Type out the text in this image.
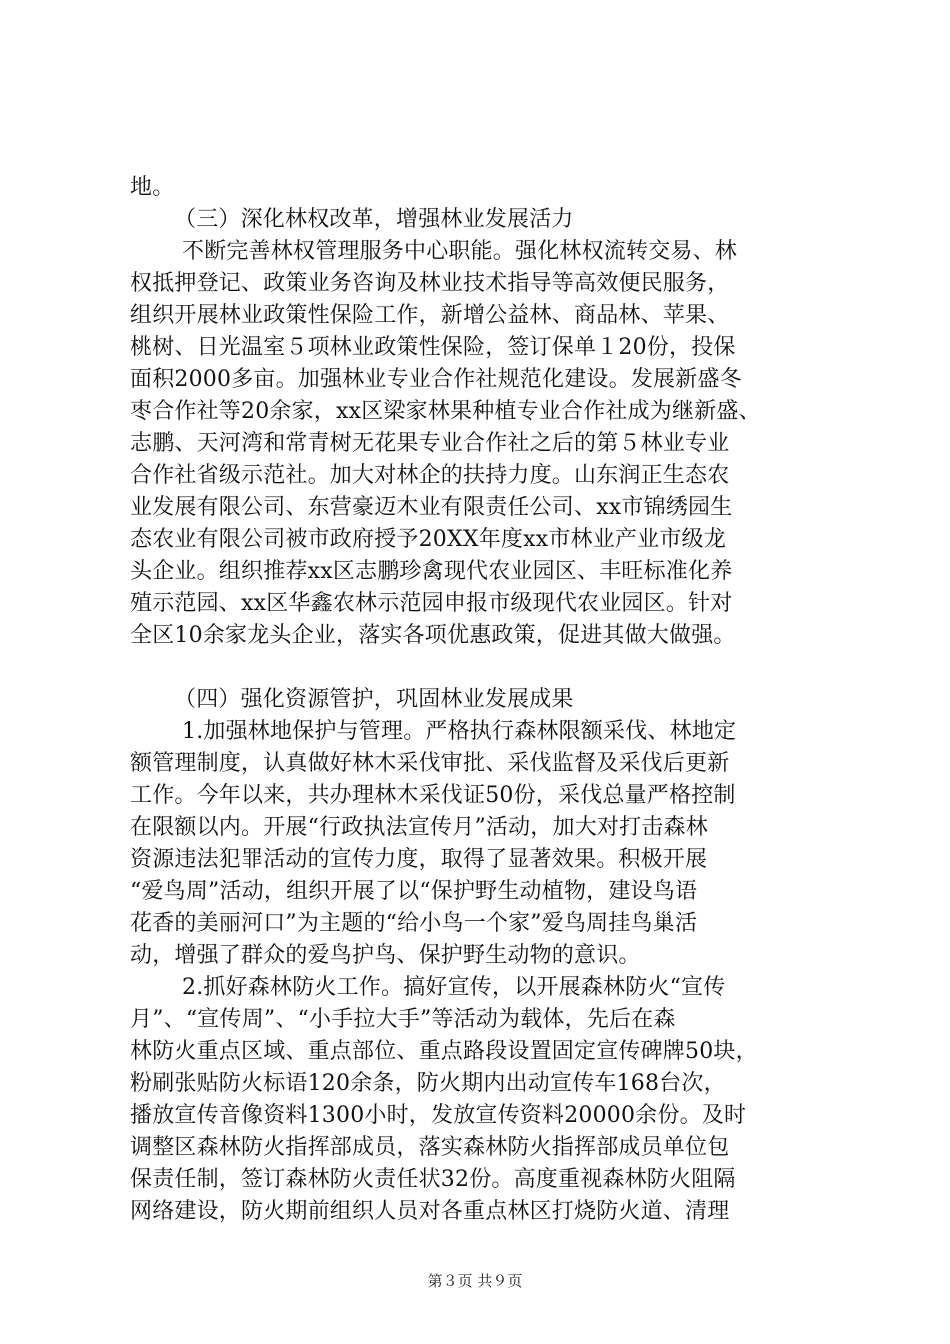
地。
（三）深化林权改革，增强林业发展活力
不断完善林权管理服务中心职能。强化林权流转交易、林
权抵押登记、政策业务咨询及林业技术指导等高效便民服务，
组织开展林业政策性保险工作，新增公益林、商品林、苹果、
桃树、日光温室５项林业政策性保险，签订保单１20份，投保
面积2000多亩。加强林业专业合作社规范化建设。发展新盛冬
枣合作社等20余家，xx区梁家林果种植专业合作社成为继新盛、
志鹏、天河湾和常青树无花果专业合作社之后的第５林业专业
合作社省级示范社。加大对林企的扶持力度。山东润正生态农
业发展有限公司、东营豪迈木业有限责任公司、xx市锦绣园生
态农业有限公司被市政府授予20XX年度xx市林业产业市级龙
头企业。组织推荐xx区志鹏珍禽现代农业园区、丰旺标准化养
殖示范园、xx区华鑫农林示范园申报市级现代农业园区。针对
全区10余家龙头企业，落实各项优惠政策，促进其做大做强。
（四）强化资源管护，巩固林业发展成果
1.加强林地保护与管理。严格执行森林限额采伐、林地定
额管理制度，认真做好林木采伐审批、采伐监督及采伐后更新
工作。今年以来，共办理林木采伐证50份，采伐总量严格控制
在限额以内。开展“行政执法宣传月”活动，加大对打击森林
资源违法犯罪活动的宣传力度，取得了显著效果。积极开展
“爱鸟周”活动，组织开展了以“保护野生动植物，建设鸟语
花香的美丽河口”为主题的“给小鸟一个家”爱鸟周挂鸟巢活
动，增强了群众的爱鸟护鸟、保护野生动物的意识。
2.抓好森林防火工作。搞好宣传，以开展森林防火“宣传
月”、“宣传周”、“小手拉大手”等活动为载体，先后在森
林防火重点区域、重点部位、重点路段设置固定宣传碑牌50块，
粉刷张贴防火标语120余条，防火期内出动宣传车168台次，
播放宣传音像资料1300小时，发放宣传资料20000余份。及时
调整区森林防火指挥部成员，落实森林防火指挥部成员单位包
保责任制，签订森林防火责任状32份。高度重视森林防火阻隔
网络建设，防火期前组织人员对各重点林区打烧防火道、清理
第３页 共９页
